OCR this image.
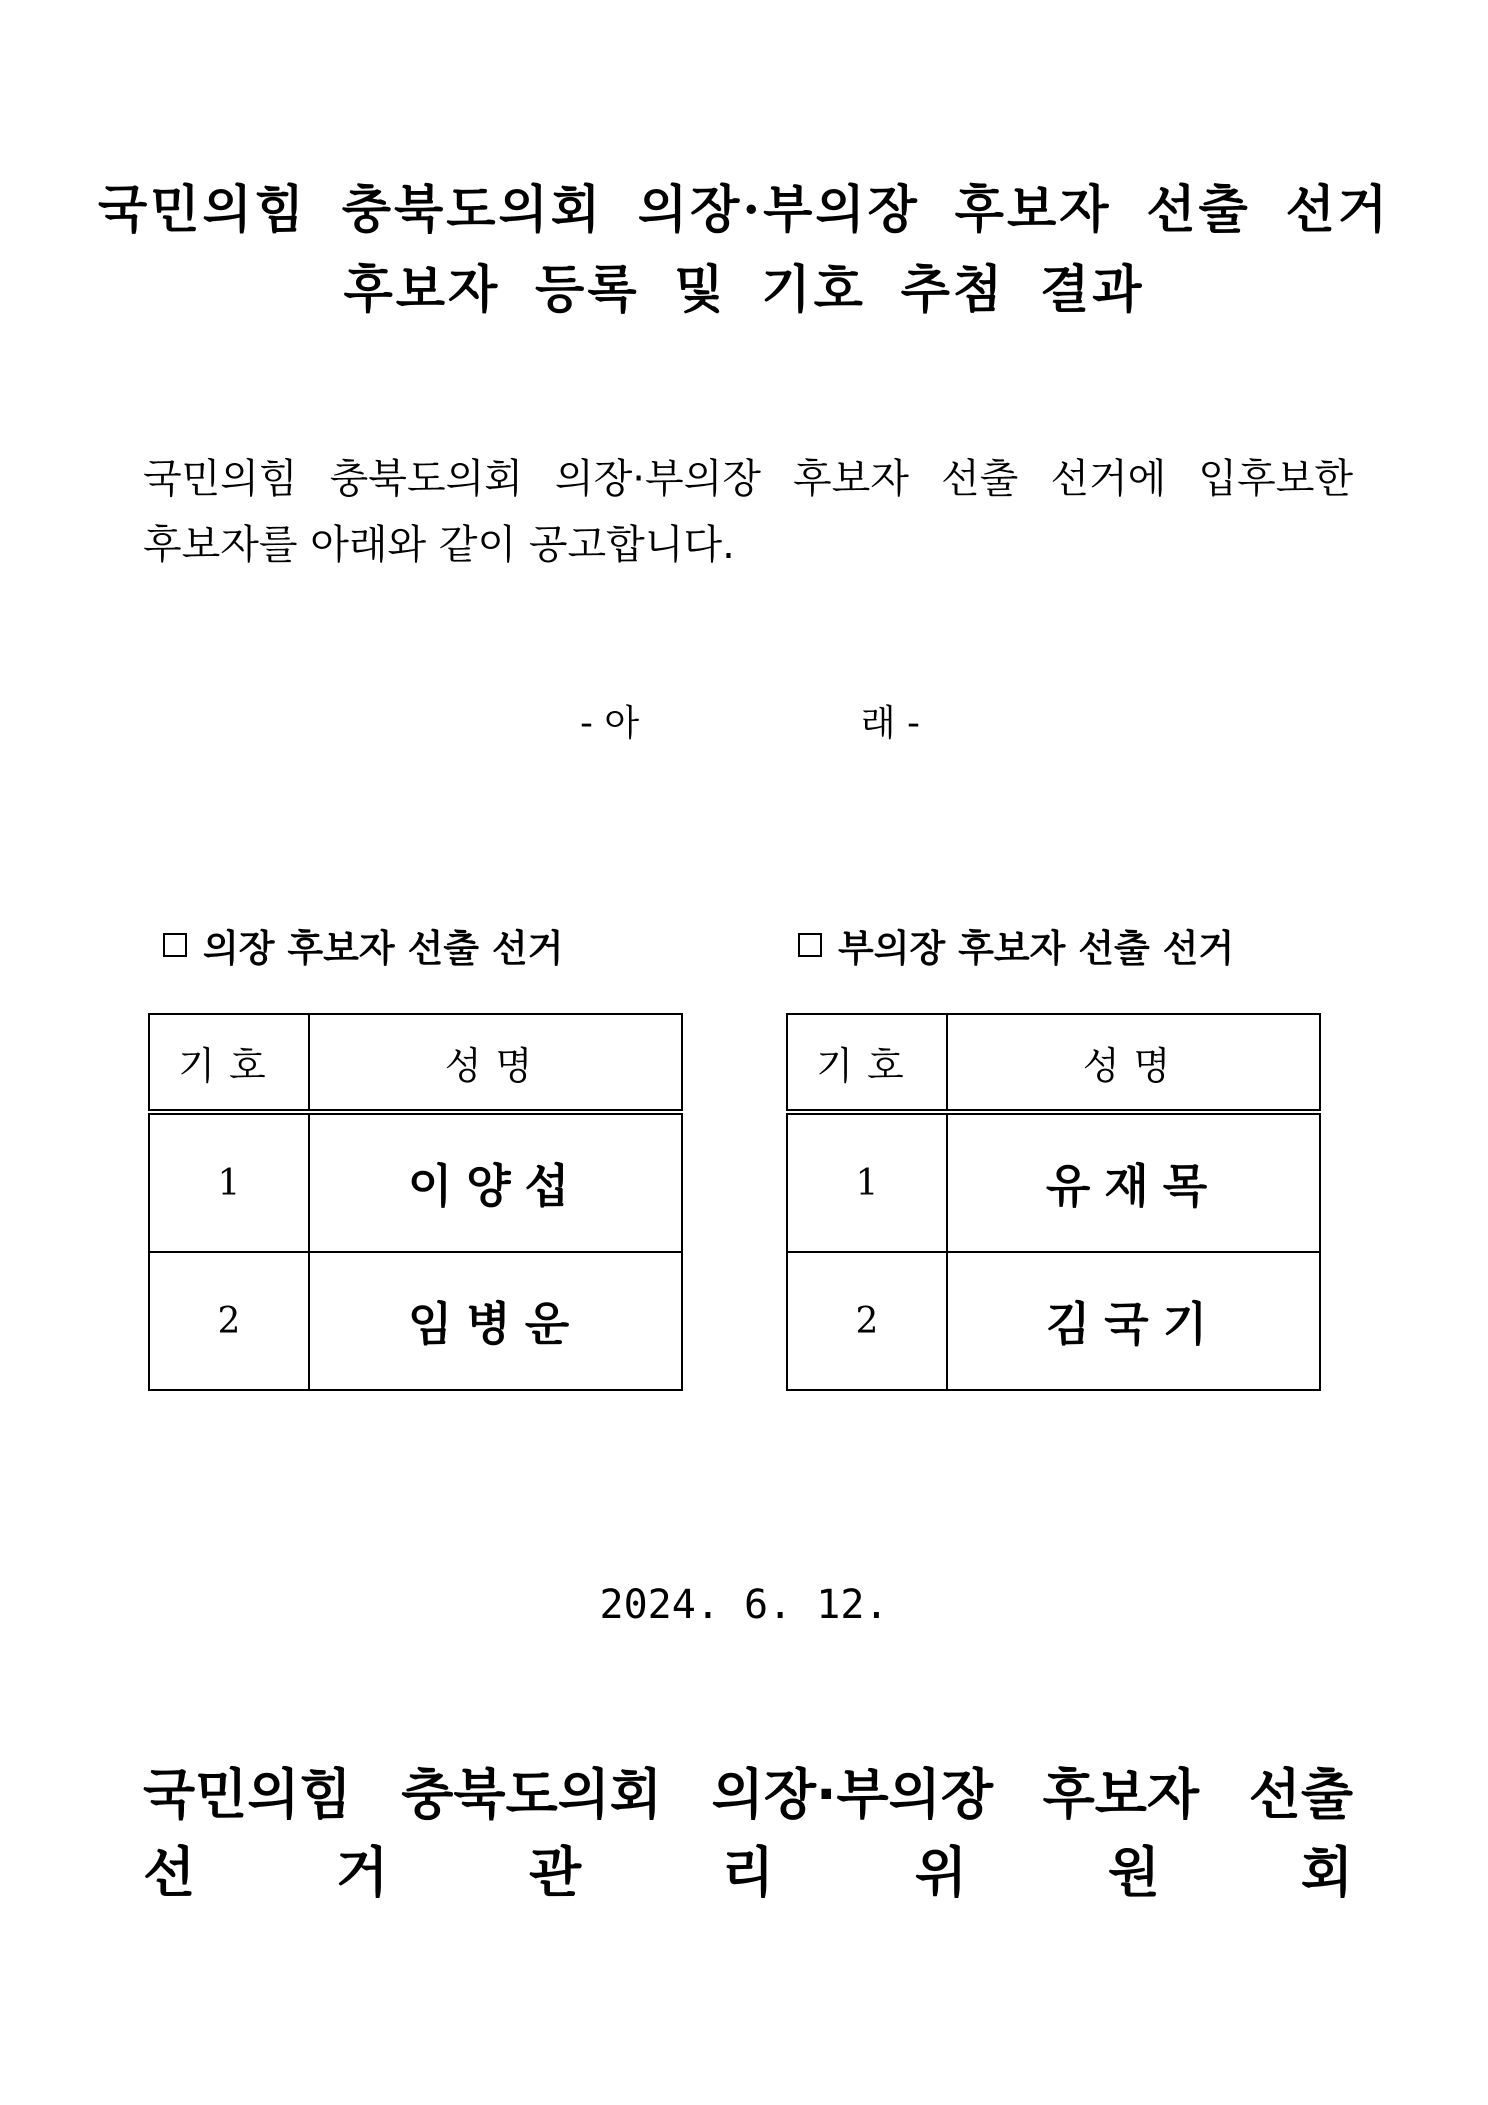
국민의힘 충북도의회 의장·부의장 후보자 선출 선거
후보자 등록 및 기호 추첨 결과
국민의힘 충북도의회 의장·부의장 후보자 선출 선거에 입후보한
후보자를 아래와 같이 공고합니다.
- 아	래 -
의장 후보자 선출 선거	부의장 후보자 선출 선거
기호	성명
1	이양섭
2	임병운
기호	성명
1	유재목
2	김국기
2024. 6. 12.
국민의힘 충북도의회 의장·부의장 후보자 선출
선	거	관	리	위	원	회
